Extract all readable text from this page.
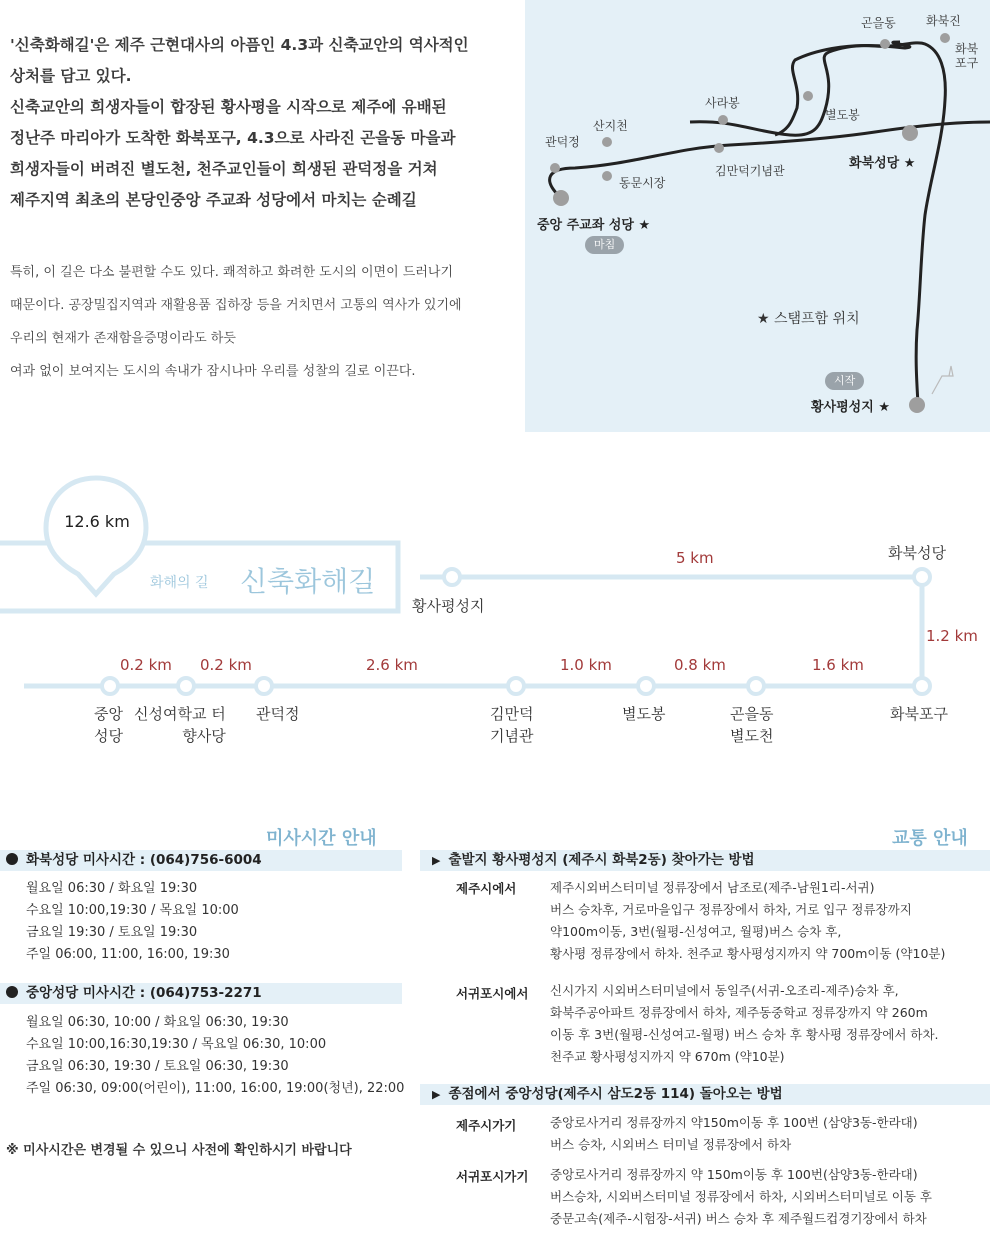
'신축화해길'은 제주 근현대사의 아픔인 4.3과 신축교안의 역사적인

상처를 담고 있다.

신축교안의 희생자들이 합장된 황사평을 시작으로 제주에 유배된

정난주 마리아가 도착한 화북포구, 4.3으로 사라진 곤을동 마을과

희생자들이 버려진 별도천, 천주교인들이 희생된 관덕정을 거쳐

제주지역 최초의 본당인중앙 주교좌 성당에서 마치는 순례길

특히, 이 길은 다소 불편할 수도 있다. 쾌적하고 화려한 도시의 이면이 드러나기

때문이다. 공장밀집지역과 재활용품 집하장 등을 거치면서 고통의 역사가 있기에

우리의 현재가 존재함을증명이라도 하듯

여과 없이 보여지는 도시의 속내가 잠시나마 우리를 성찰의 길로 이끈다.

곤을동	화북진
화북
포구
사라봉
별도봉
산지천
관덕정
동문시장
김만덕기념관	화북성당 ★
중앙 주교좌 성당 ★
마침
★ 스탬프함 위치
시작
황사평성지 ★
12.6 km
화해의 길 신축화해길
황사평성지
화북성당
화북포구
곤을동
별도천
별도봉
김만덕
기념관
관덕정
신성여학교 터
향사당
중앙
성당
5 km
1.2 km
1.6 km
0.8 km
1.0 km
2.6 km
0.2 km
0.2 km
미사시간 안내
화북성당 미사시간 : (064)756-6004
월요일 06:30 / 화요일 19:30
수요일 10:00,19:30 / 목요일 10:00
금요일 19:30 / 토요일 19:30
주일 06:00, 11:00, 16:00, 19:30
중앙성당 미사시간 : (064)753-2271
월요일 06:30, 10:00 / 화요일 06:30, 19:30
수요일 10:00,16:30,19:30 / 목요일 06:30, 10:00
금요일 06:30, 19:30 / 토요일 06:30, 19:30
주일 06:30, 09:00(어린이), 11:00, 16:00, 19:00(청년), 22:00
※ 미사시간은 변경될 수 있으니 사전에 확인하시기 바랍니다
교통 안내
▶ 출발지 황사평성지 (제주시 화북2동) 찾아가는 방법
제주시에서	제주시외버스터미널 정류장에서 남조로(제주-남원1리-서귀)
버스 승차후, 거로마을입구 정류장에서 하차, 거로 입구 정류장까지
약100m이동, 3번(월평-신성여고, 월평)버스 승차 후,
황사평 정류장에서 하차. 천주교 황사평성지까지 약 700m이동 (약10분)
서귀포시에서 신시가지 시외버스터미널에서 동일주(서귀-오조리-제주)승차 후,
화북주공아파트 정류장에서 하차, 제주동중학교 정류장까지 약 260m
이동 후 3번(월평-신성여고-월평) 버스 승차 후 황사평 정류장에서 하차.
천주교 황사평성지까지 약 670m (약10분)
▶ 종점에서 중앙성당(제주시 삼도2동 114) 돌아오는 방법
제주시가기	중앙로사거리 정류장까지 약150m이동 후 100번 (삼양3동-한라대)
버스 승차, 시외버스 터미널 정류장에서 하차
서귀포시가기 중앙로사거리 정류장까지 약 150m이동 후 100번(삼양3동-한라대)
버스승차, 시외버스터미널 정류장에서 하차, 시외버스터미널로 이동 후
중문고속(제주-시험장-서귀) 버스 승차 후 제주월드컵경기장에서 하차
